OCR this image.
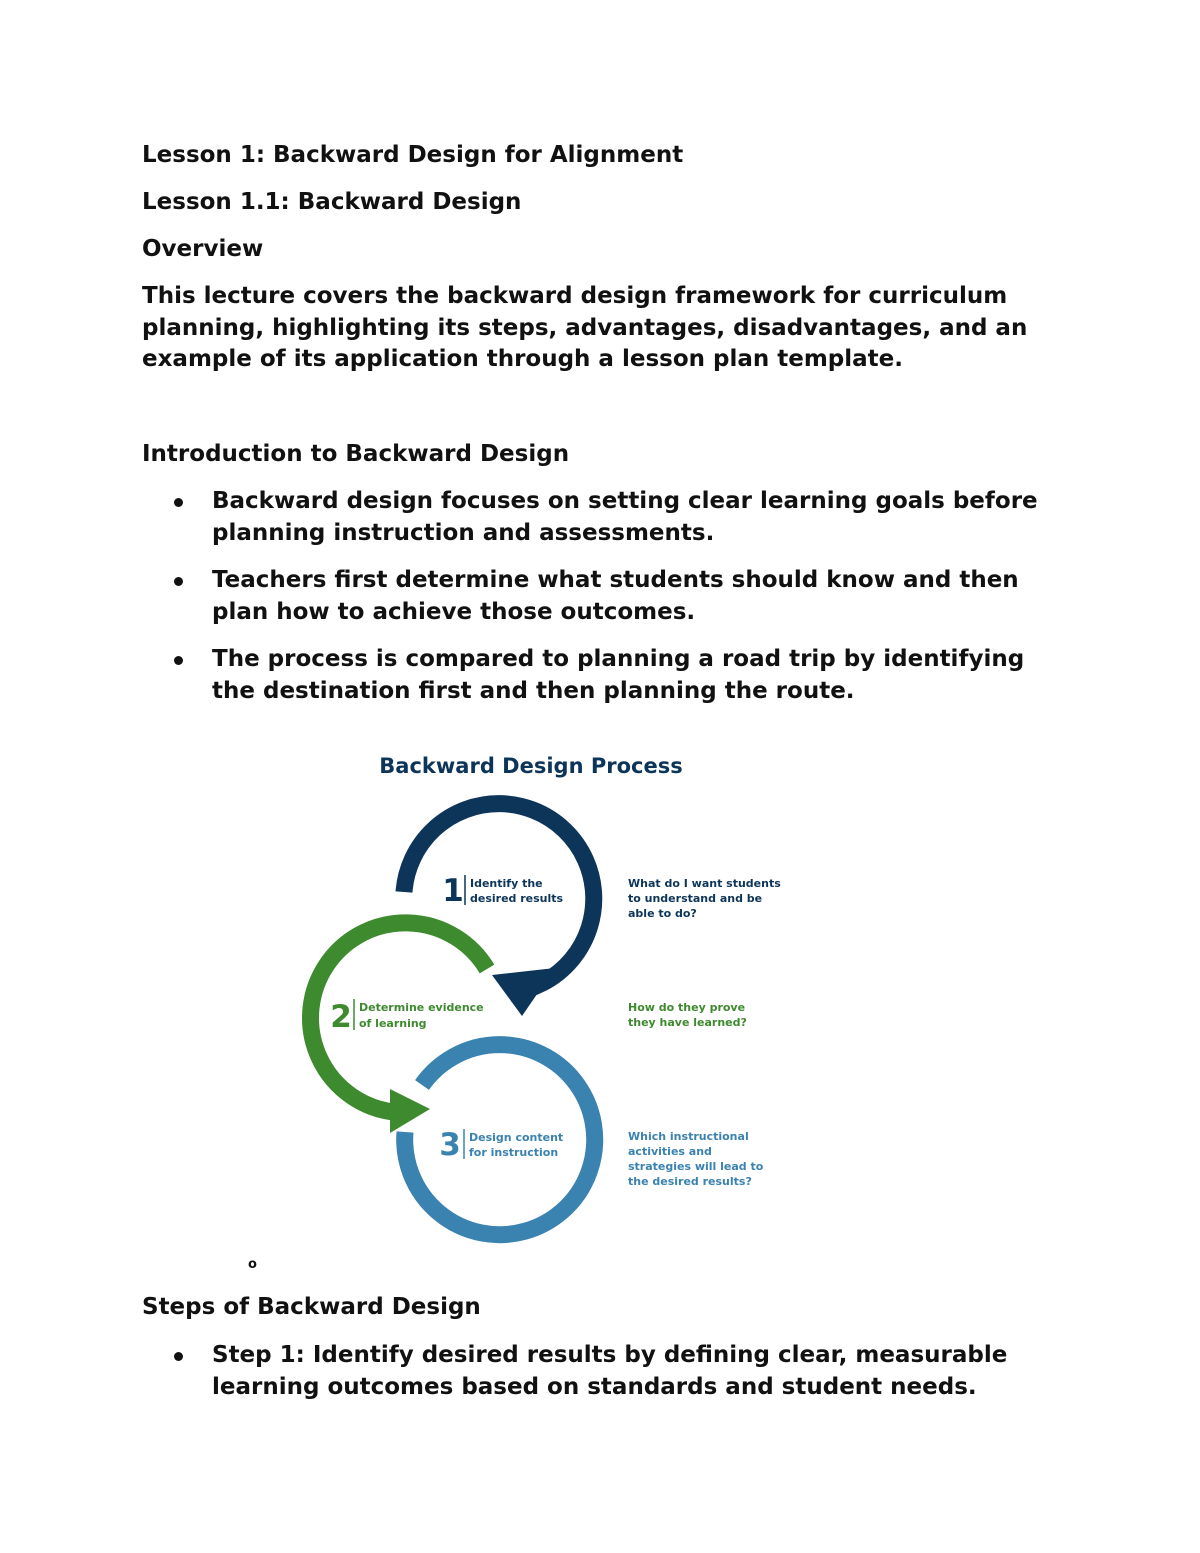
Lesson 1: Backward Design for Alignment

Lesson 1.1: Backward Design

Overview

This lecture covers the backward design framework for curriculum planning, highlighting its steps, advantages, disadvantages, and an example of its application through a lesson plan template.

Introduction to Backward Design

Backward design focuses on setting clear learning goals before planning instruction and assessments.
Teachers first determine what students should know and then plan how to achieve those outcomes.
The process is compared to planning a road trip by identifying the destination first and then planning the route.
Backward Design Process
1 Identify the
desired results
2 Determine evidence
of learning
3 Design content
for instruction
What do I want students
to understand and be
able to do?
How do they prove
they have learned?
Which instructional
activities and
strategies will lead to
the desired results?
o

Steps of Backward Design

Step 1: Identify desired results by defining clear, measurable learning outcomes based on standards and student needs.
